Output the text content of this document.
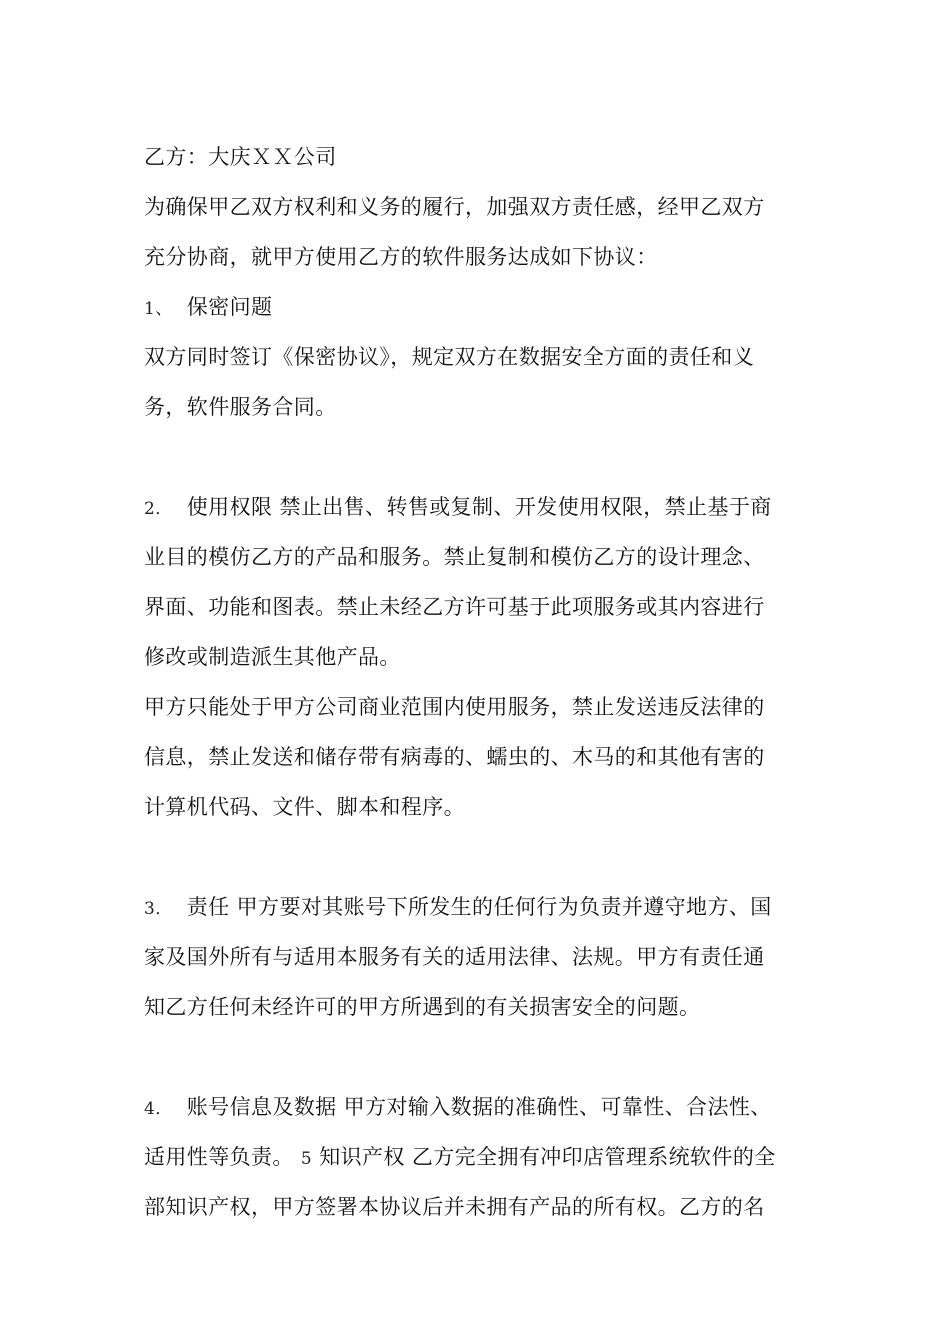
乙方：大庆ＸＸ公司
为确保甲乙双方权利和义务的履行，加强双方责任感，经甲乙双方
充分协商，就甲方使用乙方的软件服务达成如下协议：
1、 保密问题
双方同时签订《保密协议》，规定双方在数据安全方面的责任和义
务，软件服务合同。
2． 使用权限 禁止出售、转售或复制、开发使用权限，禁止基于商
业目的模仿乙方的产品和服务。禁止复制和模仿乙方的设计理念、
界面、功能和图表。禁止未经乙方许可基于此项服务或其内容进行
修改或制造派生其他产品。
甲方只能处于甲方公司商业范围内使用服务，禁止发送违反法律的
信息，禁止发送和储存带有病毒的、蠕虫的、木马的和其他有害的
计算机代码、文件、脚本和程序。
3． 责任 甲方要对其账号下所发生的任何行为负责并遵守地方、国
家及国外所有与适用本服务有关的适用法律、法规。甲方有责任通
知乙方任何未经许可的甲方所遇到的有关损害安全的问题。
4． 账号信息及数据 甲方对输入数据的准确性、可靠性、合法性、
适用性等负责。 5 知识产权 乙方完全拥有冲印店管理系统软件的全
部知识产权，甲方签署本协议后并未拥有产品的所有权。乙方的名
